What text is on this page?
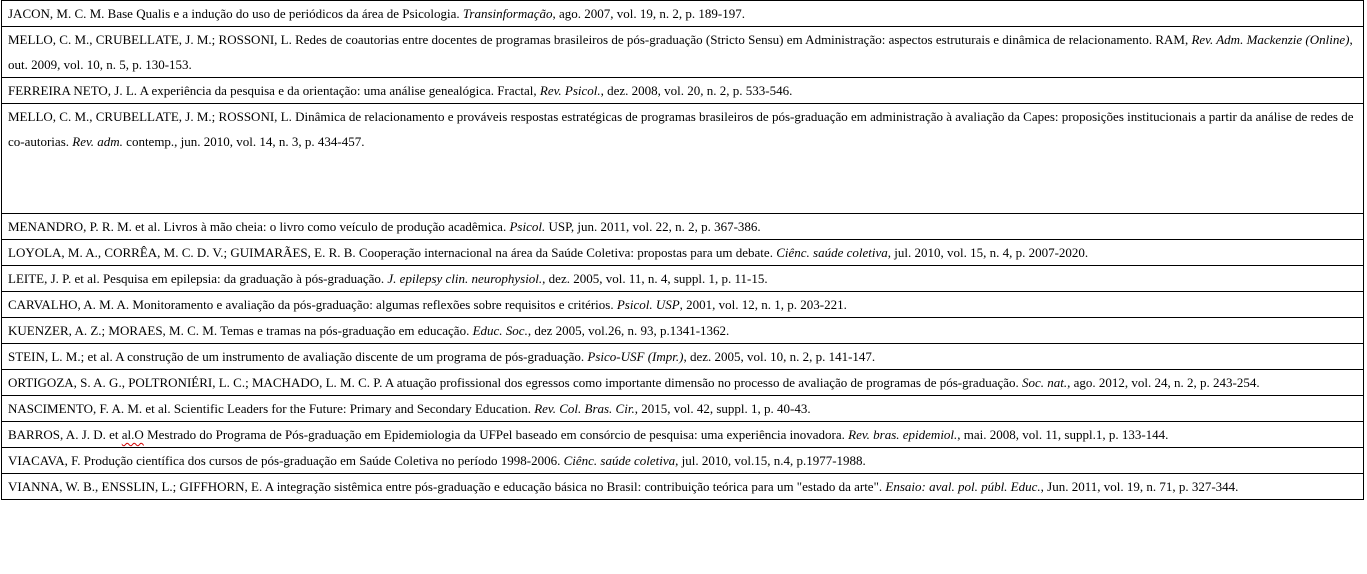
JACON, M. C. M. Base Qualis e a indução do uso de periódicos da área de Psicologia. Transinformação, ago. 2007, vol. 19, n. 2, p. 189-197.
MELLO, C. M., CRUBELLATE, J. M.; ROSSONI, L. Redes de coautorias entre docentes de programas brasileiros de pós-graduação (Stricto Sensu) em Administração: aspectos estruturais e dinâmica de relacionamento. RAM, Rev. Adm. Mackenzie (Online), out. 2009, vol. 10, n. 5, p. 130-153.
FERREIRA NETO, J. L. A experiência da pesquisa e da orientação: uma análise genealógica. Fractal, Rev. Psicol., dez. 2008, vol. 20, n. 2, p. 533-546.
MELLO, C. M., CRUBELLATE, J. M.; ROSSONI, L. Dinâmica de relacionamento e prováveis respostas estratégicas de programas brasileiros de pós-graduação em administração à avaliação da Capes: proposições institucionais a partir da análise de redes de co-autorias. Rev. adm. contemp., jun. 2010, vol. 14, n. 3, p. 434-457.
MENANDRO, P. R. M. et al. Livros à mão cheia: o livro como veículo de produção acadêmica. Psicol. USP, jun. 2011, vol. 22, n. 2, p. 367-386.
LOYOLA, M. A., CORRÊA, M. C. D. V.; GUIMARÃES, E. R. B. Cooperação internacional na área da Saúde Coletiva: propostas para um debate. Ciênc. saúde coletiva, jul. 2010, vol. 15, n. 4, p. 2007-2020.
LEITE, J. P. et al. Pesquisa em epilepsia: da graduação à pós-graduação. J. epilepsy clin. neurophysiol., dez. 2005, vol. 11, n. 4, suppl. 1, p. 11-15.
CARVALHO, A. M. A. Monitoramento e avaliação da pós-graduação: algumas reflexões sobre requisitos e critérios. Psicol. USP, 2001, vol. 12, n. 1, p. 203-221.
KUENZER, A. Z.; MORAES, M. C. M. Temas e tramas na pós-graduação em educação. Educ. Soc., dez 2005, vol.26, n. 93, p.1341-1362.
STEIN, L. M.; et al. A construção de um instrumento de avaliação discente de um programa de pós-graduação. Psico-USF (Impr.), dez. 2005, vol. 10, n. 2, p. 141-147.
ORTIGOZA, S. A. G., POLTRONIÉRI, L. C.; MACHADO, L. M. C. P. A atuação profissional dos egressos como importante dimensão no processo de avaliação de programas de pós-graduação. Soc. nat., ago. 2012, vol. 24, n. 2, p. 243-254.
NASCIMENTO, F. A. M. et al. Scientific Leaders for the Future: Primary and Secondary Education. Rev. Col. Bras. Cir., 2015, vol. 42, suppl. 1, p. 40-43.
BARROS, A. J. D. et al.O Mestrado do Programa de Pós-graduação em Epidemiologia da UFPel baseado em consórcio de pesquisa: uma experiência inovadora. Rev. bras. epidemiol., mai. 2008, vol. 11, suppl.1, p. 133-144.
VIACAVA, F. Produção científica dos cursos de pós-graduação em Saúde Coletiva no período 1998-2006. Ciênc. saúde coletiva, jul. 2010, vol.15, n.4, p.1977-1988.
VIANNA, W. B., ENSSLIN, L.; GIFFHORN, E. A integração sistêmica entre pós-graduação e educação básica no Brasil: contribuição teórica para um "estado da arte". Ensaio: aval. pol. públ. Educ., Jun. 2011, vol. 19, n. 71, p. 327-344.
